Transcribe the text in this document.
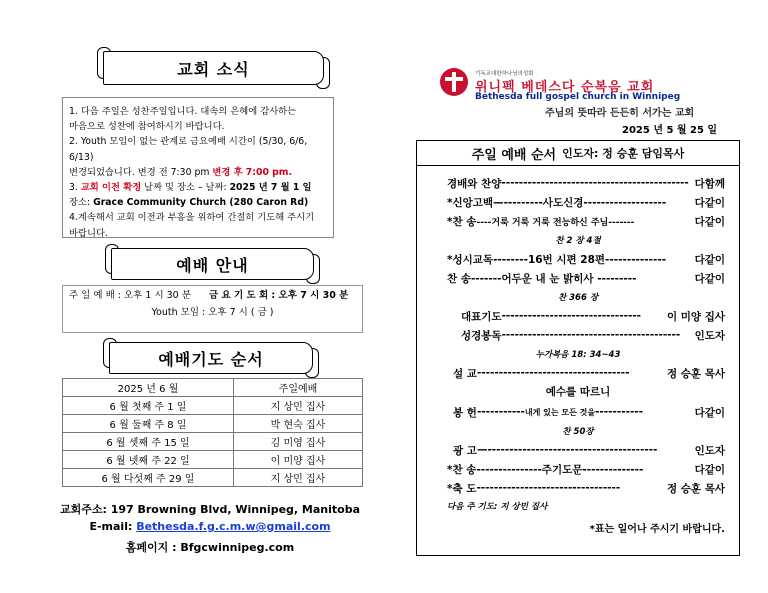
교회 소식

1. 다음 주일은 성찬주일입니다. 대속의 은혜에 감사하는

마음으로 성찬에 참여하시기 바랍니다.

2. Youth 모임이 없는 관계로 금요예배 시간이 (5/30, 6/6, 6/13)

변경되었습니다. 변경 전 7:30 pm 변경 후 7:00 pm.

3. 교회 이전 확정 날짜 및 장소 – 날짜: 2025 년 7 월 1 일

장소: Grace Community Church (280 Caron Rd)

4.계속해서 교회 이전과 부흥을 위하여 간절히 기도해 주시기

바랍니다.

예배 안내
주 일 예 배 : 오후 1 시 30 분 금 요 기 도 회 : 오후 7 시 30 분
Youth 모임 : 오후 7 시 ( 금 )
예배기도 순서
2025 년 6 월	주일예배
6 월 첫째 주 1 일	지 상민 집사
6 월 둘째 주 8 일	박 현숙 집사
6 월 셋째 주 15 일	김 미영 집사
6 월 넷째 주 22 일	이 미양 집사
6 월 다섯째 주 29 일	지 상민 집사
교회주소: 197 Browning Blvd, Winnipeg, Manitoba
E-mail: Bethesda.f.g.c.m.w@gmail.com
홈페이지 : Bfgcwinnipeg.com
기독교대한하나님의성회
위니펙 베데스다 순복음 교회
Bethesda full gospel church in Winnipeg
주님의 뜻따라 든든히 서가는 교회
2025 년 5 월 25 일
주일 예배 순서 인도자: 정 승훈 담임목사
경배와 찬양 ------------------------------------------- 다함께
*신앙고백 —---------사도신경-------------------	다같이
*찬 송 ----거룩 거룩 거룩 전능하신 주님-------	다같이
찬 2 장 4절
*성시교독 --------16번 시편 28편--------------	다같이
찬 송 -------어두운 내 눈 밝히사 ---------	다같이
찬 366 장
대표기도 --------------------------------	이 미양 집사
성경봉독 -----------------------------------------	인도자
누가복음 18: 34~43
설 교 -----------------------------------	정 승훈 목사
예수를 따르니
봉 헌 ----------- 내게 있는 모든 것을 -----------	다같이
찬 50장
광 고 —---------------------------------------	인도자
*찬 송 ---------------주기도문--------------	다같이
*축 도 ---------------------------------	정 승훈 목사
다음 주 기도: 지 상민 집사
*표는 일어나 주시기 바랍니다.
